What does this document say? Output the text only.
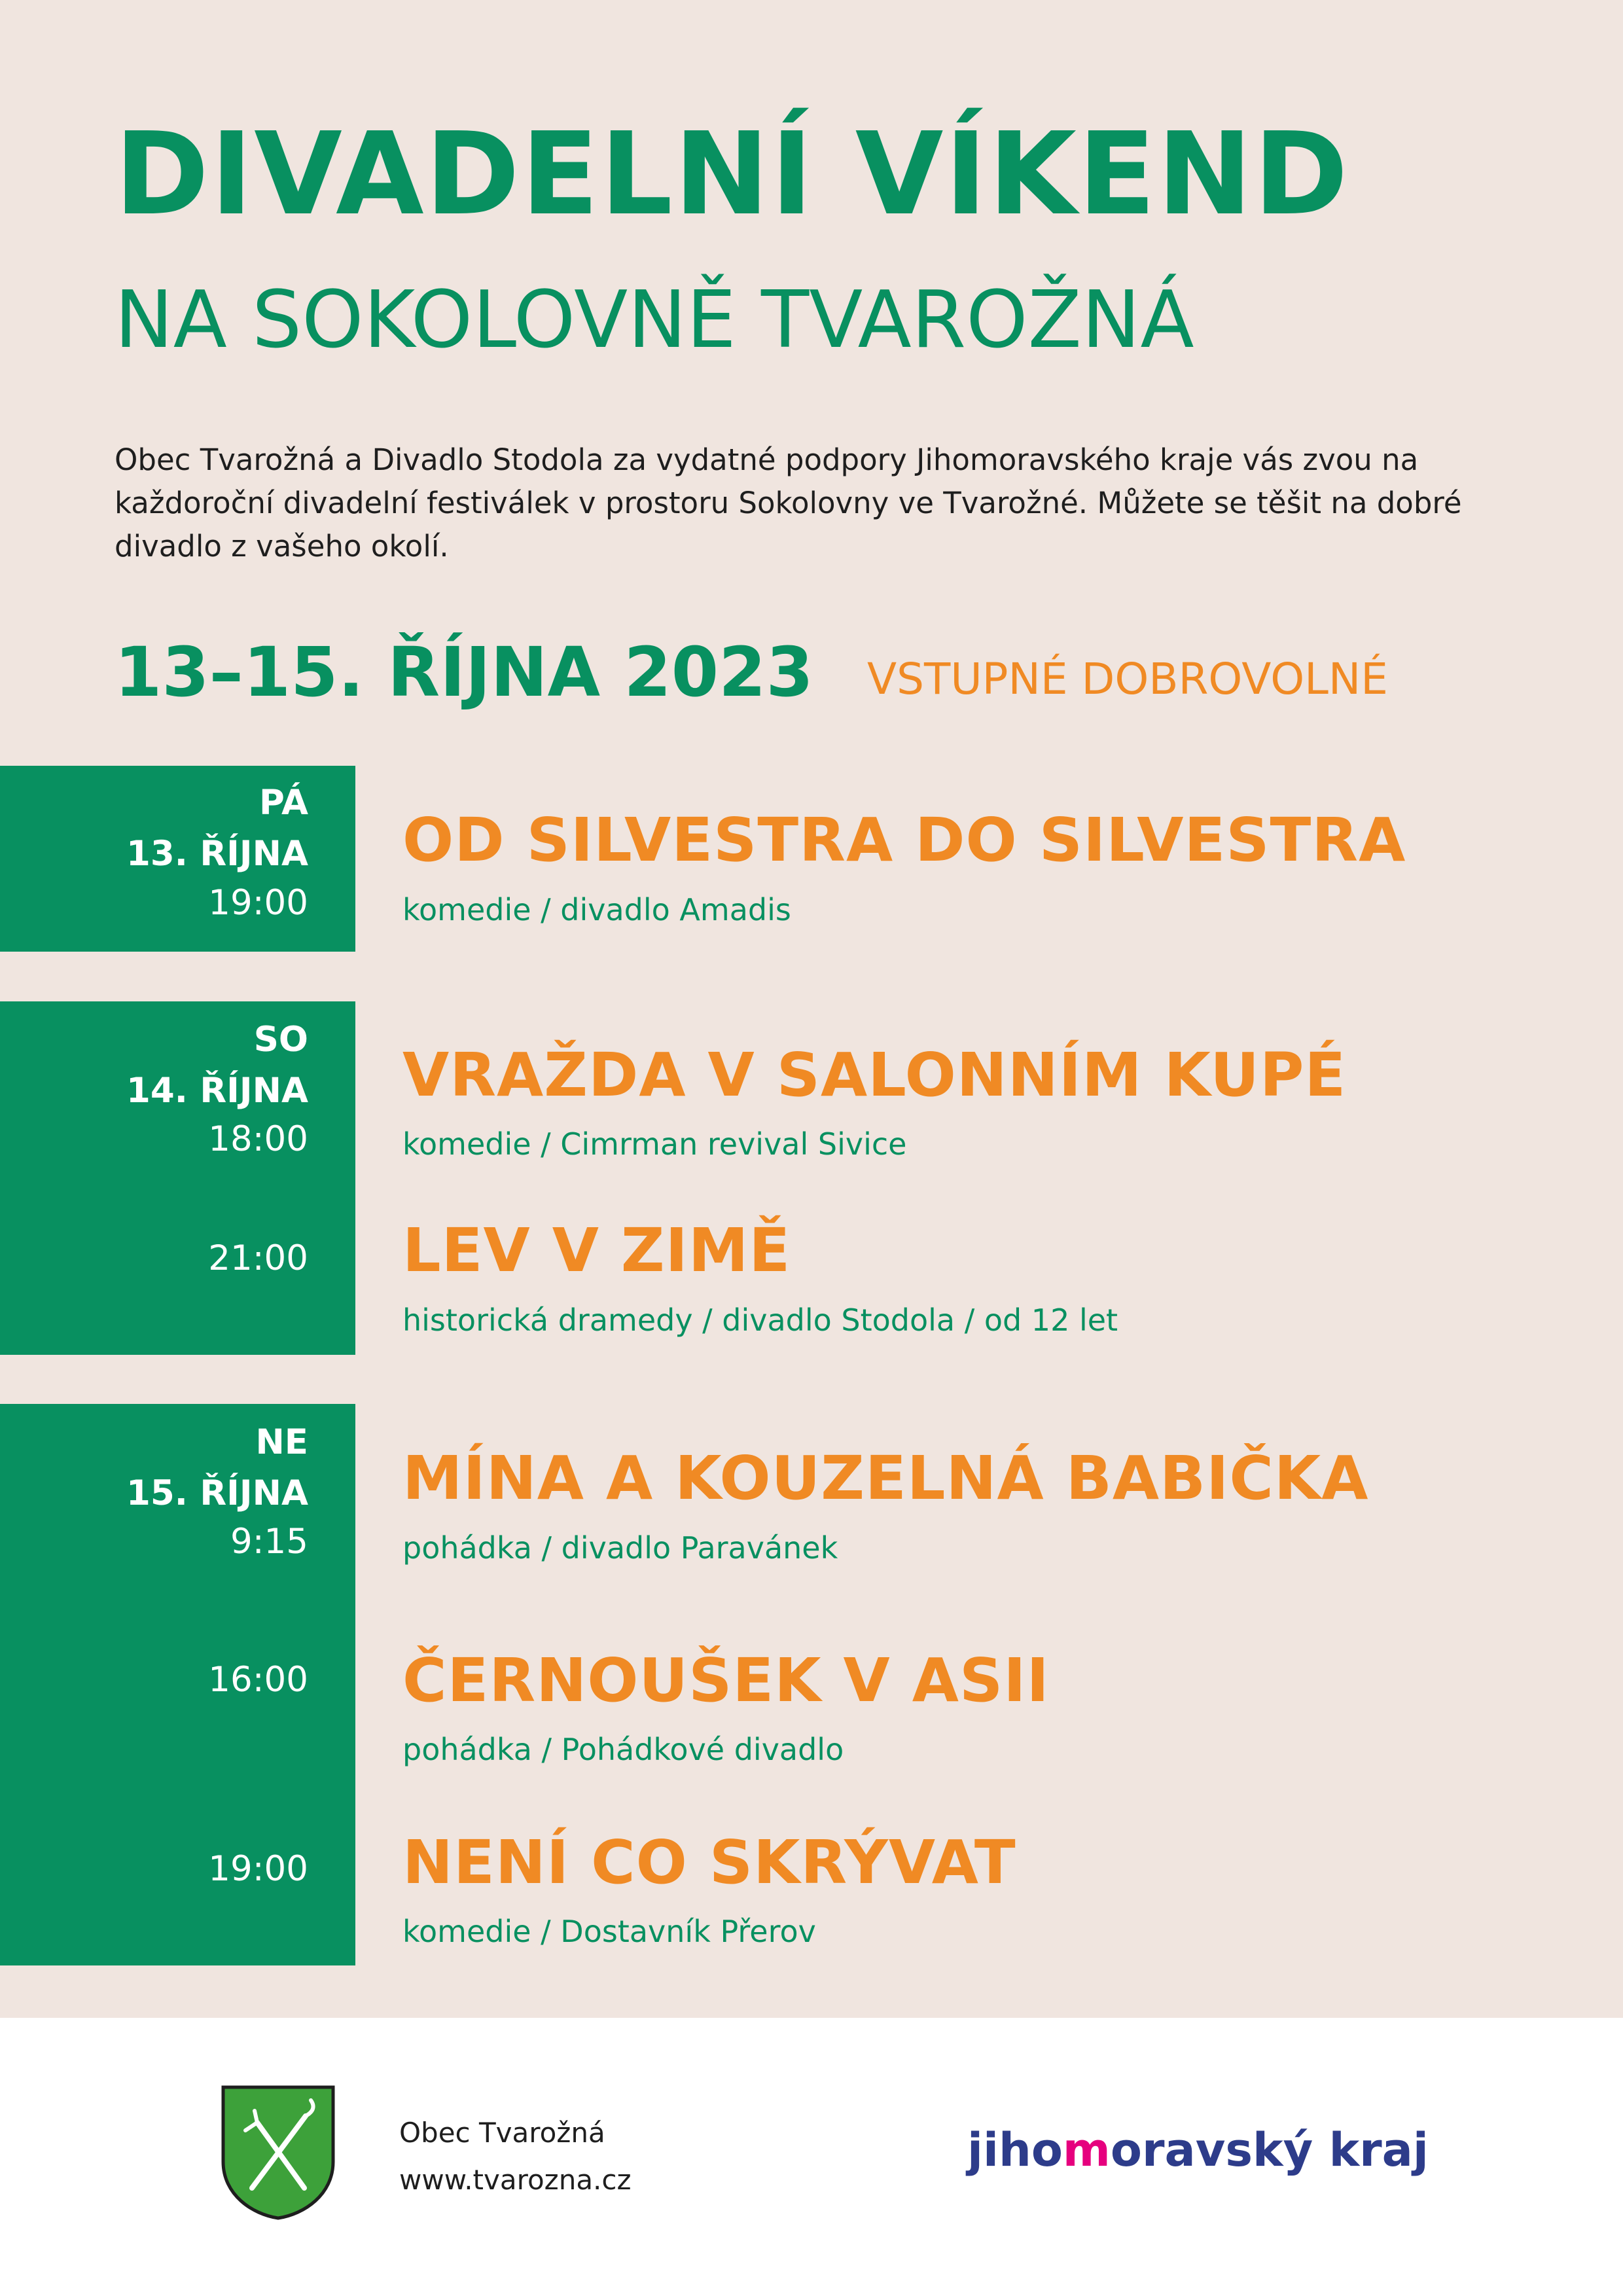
DIVADELNÍ VÍKEND
NA SOKOLOVNĚ TVAROŽNÁ

Obec Tvarožná a Divadlo Stodola za vydatné podpory Jihomoravského kraje vás zvou na každoroční divadelní festiválek v prostoru Sokolovny ve Tvarožné. Můžete se těšit na dobré divadlo z vašeho okolí.

13–15. ŘÍJNA 2023 VSTUPNÉ DOBROVOLNÉ
PÁ
13. ŘÍJNA
19:00
OD SILVESTRA DO SILVESTRA
komedie / divadlo Amadis
SO
14. ŘÍJNA
18:00
21:00
VRAŽDA V SALONNÍM KUPÉ
komedie / Cimrman revival Sivice
LEV V ZIMĚ
historická dramedy / divadlo Stodola / od 12 let
NE
15. ŘÍJNA
9:15
16:00
19:00
MÍNA A KOUZELNÁ BABIČKA
pohádka / divadlo Paravánek
ČERNOUŠEK V ASII
pohádka / Pohádkové divadlo
NENÍ CO SKRÝVAT
komedie / Dostavník Přerov
Obec Tvarožná
www.tvarozna.cz
jihomoravský kraj
